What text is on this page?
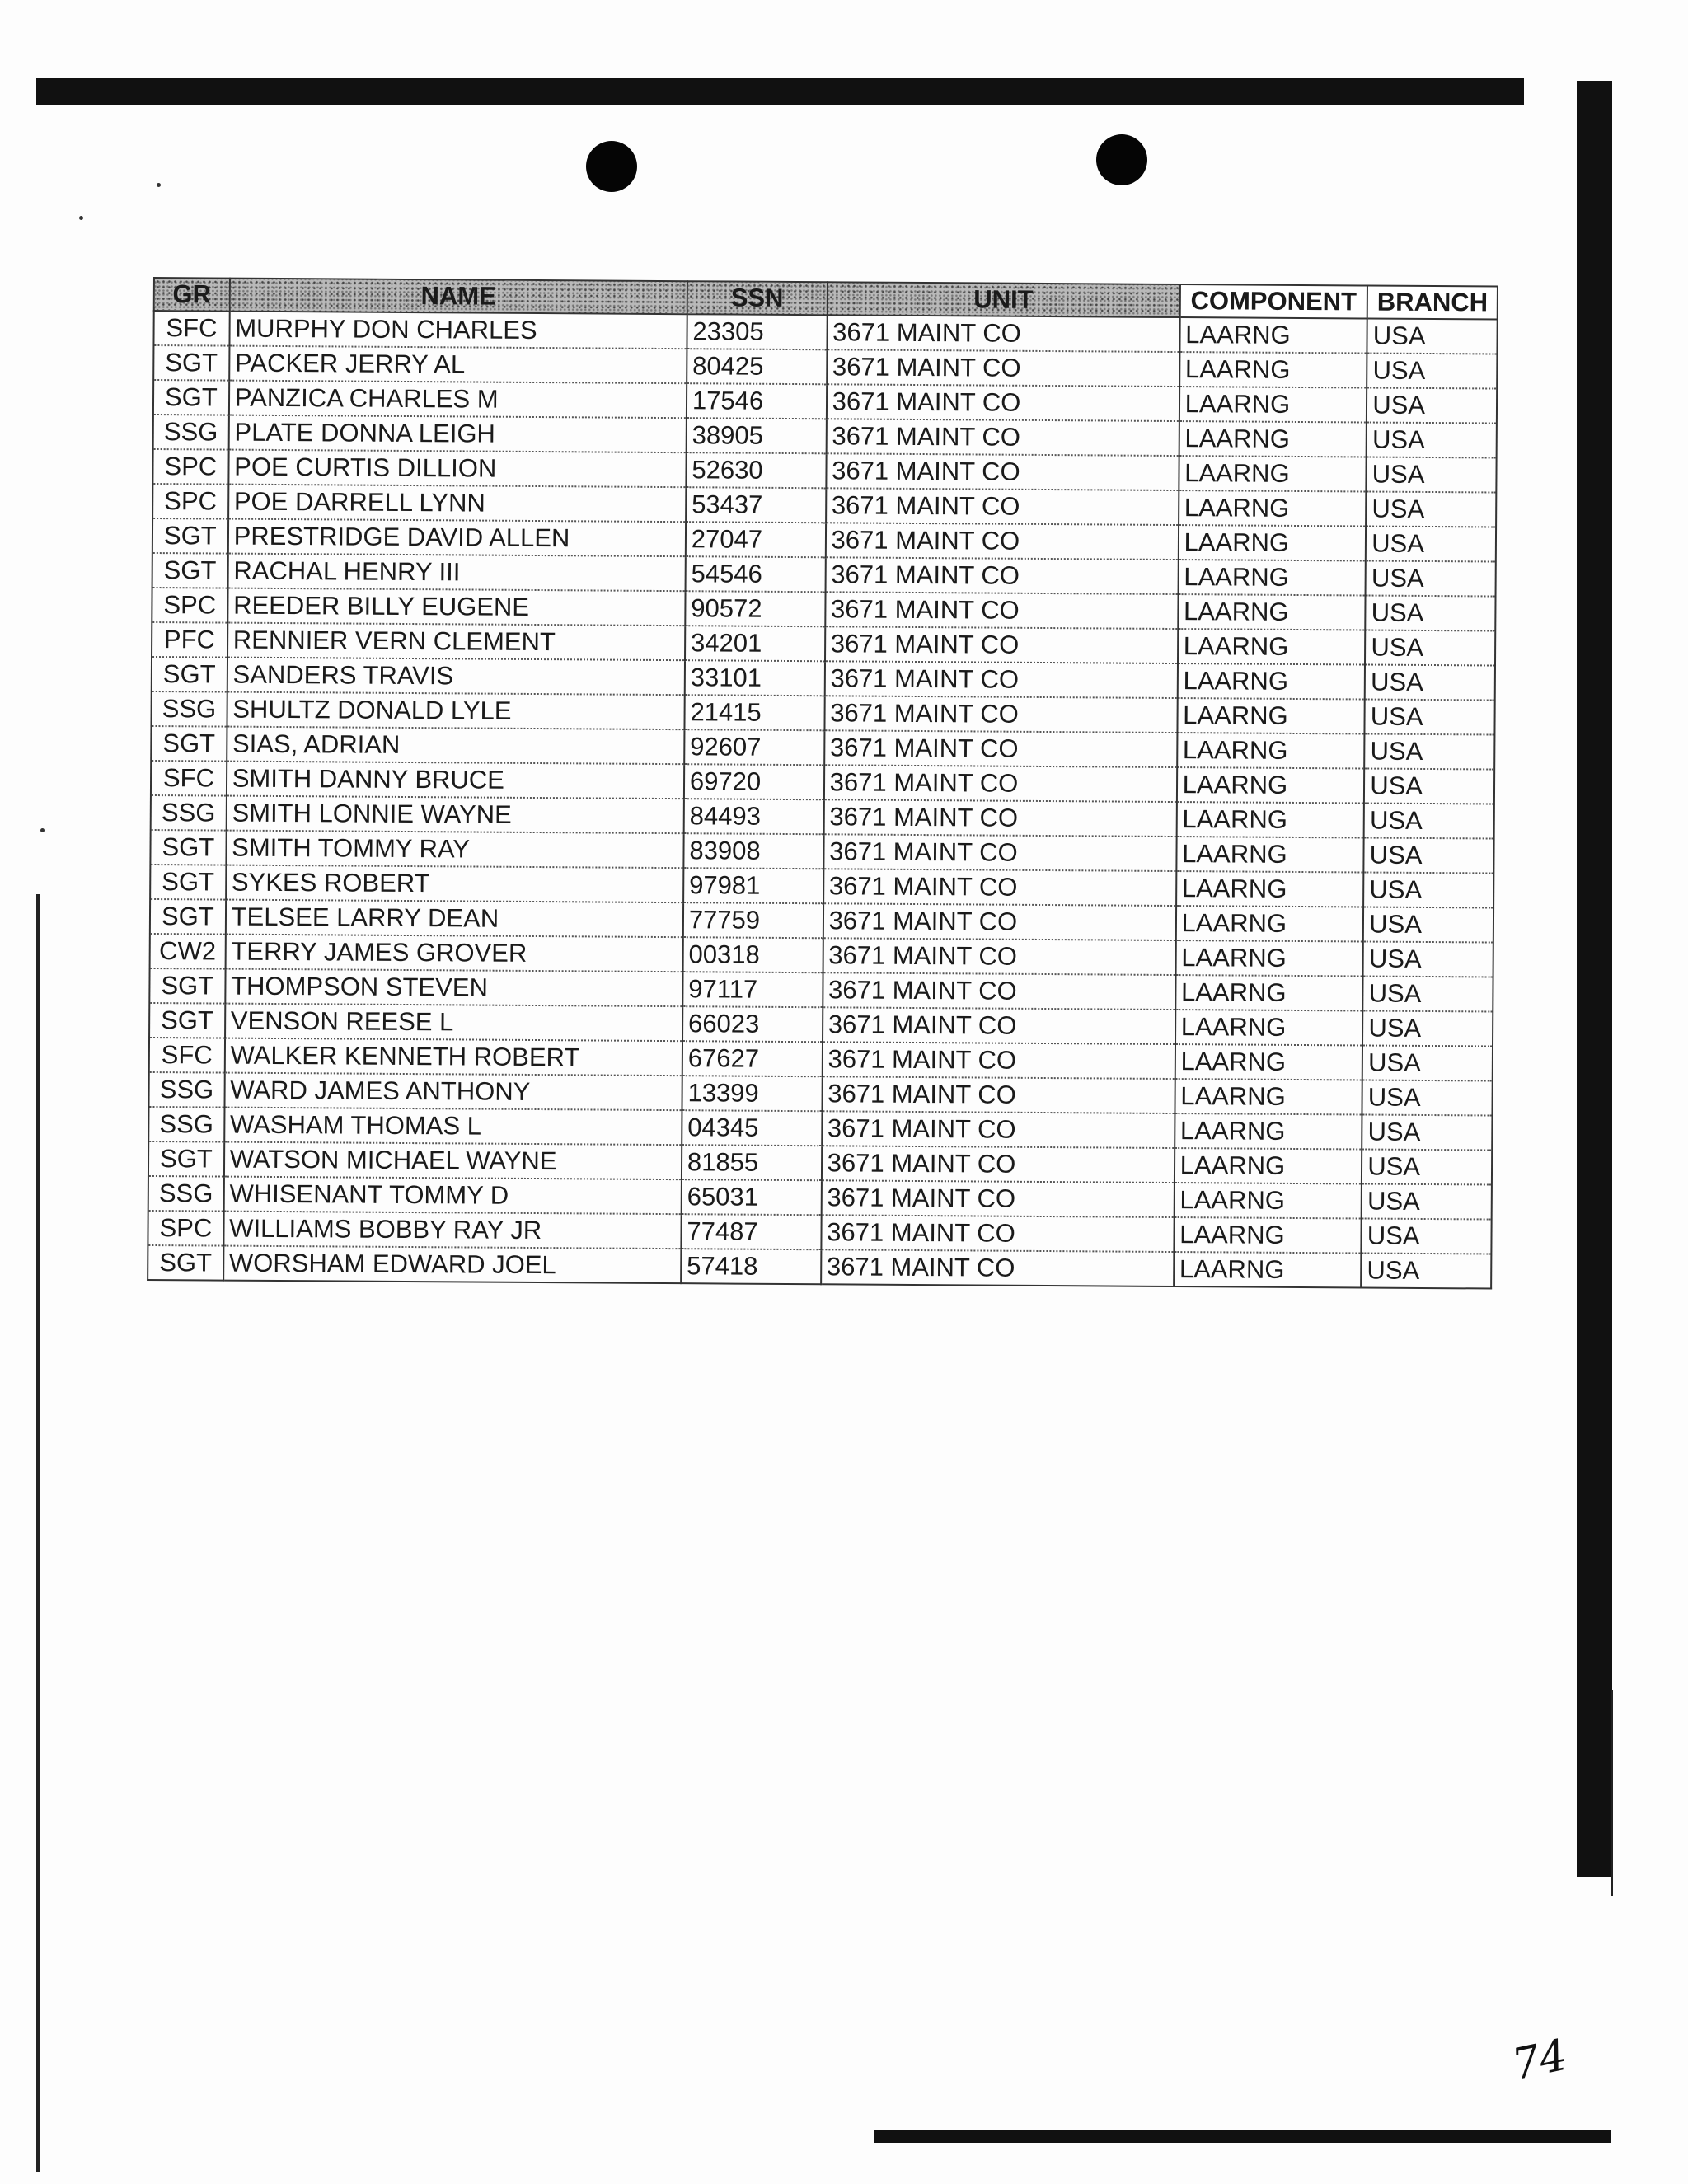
GR	NAME	SSN	UNIT	COMPONENT	BRANCH
SFC	MURPHY DON CHARLES	23305	3671 MAINT CO	LAARNG	USA
SGT	PACKER JERRY AL	80425	3671 MAINT CO	LAARNG	USA
SGT	PANZICA CHARLES M	17546	3671 MAINT CO	LAARNG	USA
SSG	PLATE DONNA LEIGH	38905	3671 MAINT CO	LAARNG	USA
SPC	POE CURTIS DILLION	52630	3671 MAINT CO	LAARNG	USA
SPC	POE DARRELL LYNN	53437	3671 MAINT CO	LAARNG	USA
SGT	PRESTRIDGE DAVID ALLEN	27047	3671 MAINT CO	LAARNG	USA
SGT	RACHAL HENRY III	54546	3671 MAINT CO	LAARNG	USA
SPC	REEDER BILLY EUGENE	90572	3671 MAINT CO	LAARNG	USA
PFC	RENNIER VERN CLEMENT	34201	3671 MAINT CO	LAARNG	USA
SGT	SANDERS TRAVIS	33101	3671 MAINT CO	LAARNG	USA
SSG	SHULTZ DONALD LYLE	21415	3671 MAINT CO	LAARNG	USA
SGT	SIAS, ADRIAN	92607	3671 MAINT CO	LAARNG	USA
SFC	SMITH DANNY BRUCE	69720	3671 MAINT CO	LAARNG	USA
SSG	SMITH LONNIE WAYNE	84493	3671 MAINT CO	LAARNG	USA
SGT	SMITH TOMMY RAY	83908	3671 MAINT CO	LAARNG	USA
SGT	SYKES ROBERT	97981	3671 MAINT CO	LAARNG	USA
SGT	TELSEE LARRY DEAN	77759	3671 MAINT CO	LAARNG	USA
CW2	TERRY JAMES GROVER	00318	3671 MAINT CO	LAARNG	USA
SGT	THOMPSON STEVEN	97117	3671 MAINT CO	LAARNG	USA
SGT	VENSON REESE L	66023	3671 MAINT CO	LAARNG	USA
SFC	WALKER KENNETH ROBERT	67627	3671 MAINT CO	LAARNG	USA
SSG	WARD JAMES ANTHONY	13399	3671 MAINT CO	LAARNG	USA
SSG	WASHAM THOMAS L	04345	3671 MAINT CO	LAARNG	USA
SGT	WATSON MICHAEL WAYNE	81855	3671 MAINT CO	LAARNG	USA
SSG	WHISENANT TOMMY D	65031	3671 MAINT CO	LAARNG	USA
SPC	WILLIAMS BOBBY RAY JR	77487	3671 MAINT CO	LAARNG	USA
SGT	WORSHAM EDWARD JOEL	57418	3671 MAINT CO	LAARNG	USA
74
